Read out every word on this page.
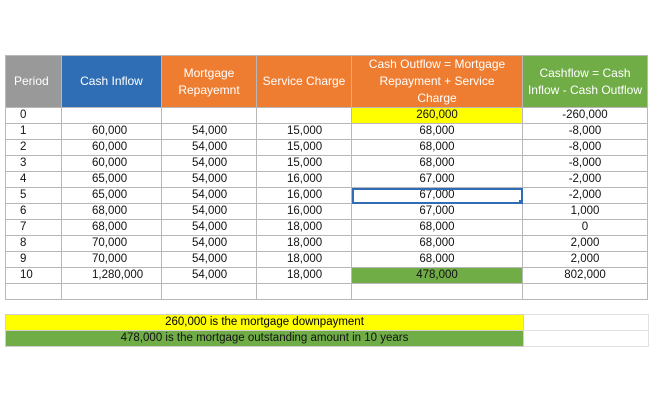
Period	Cash Inflow	Mortgage Repayemnt	Service Charge	Cash Outflow = Mortgage Repayment + Service Charge	Cashflow = Cash Inflow - Cash Outflow

0				260,000	-260,000
1	60,000	54,000	15,000	68,000	-8,000
2	60,000	54,000	15,000	68,000	-8,000
3	60,000	54,000	15,000	68,000	-8,000
4	65,000	54,000	16,000	67,000	-2,000
5	65,000	54,000	16,000	67,000	-2,000
6	68,000	54,000	16,000	67,000	1,000
7	68,000	54,000	18,000	68,000	0
8	70,000	54,000	18,000	68,000	2,000
9	70,000	54,000	18,000	68,000	2,000
10	1,280,000	54,000	18,000	478,000	802,000

260,000 is the mortgage downpayment	
478,000 is the mortgage outstanding amount in 10 years	
